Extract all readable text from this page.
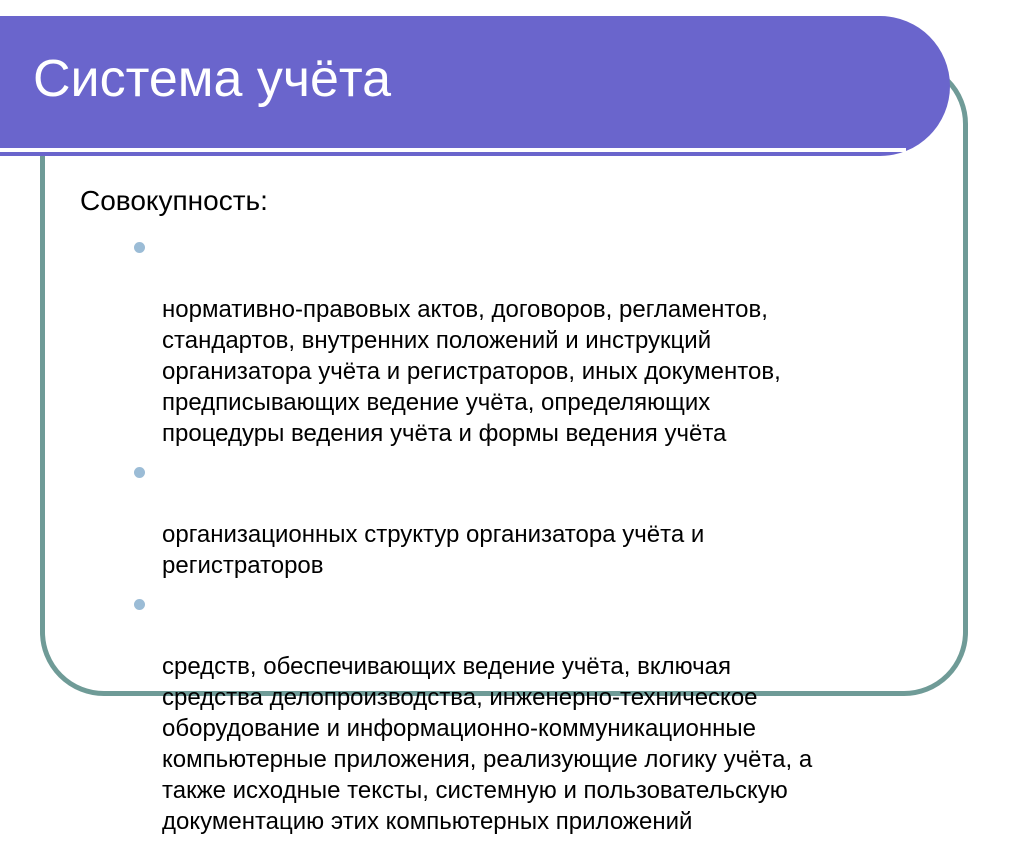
Система учёта

Совокупность:

нормативно-правовых актов, договоров, регламентов,
стандартов, внутренних положений и инструкций
организатора учёта и регистраторов, иных документов,
предписывающих ведение учёта, определяющих
процедуры ведения учёта и формы ведения учёта

организационных структур организатора учёта и
регистраторов

средств, обеспечивающих ведение учёта, включая
средства делопроизводства, инженерно-техническое
оборудование и информационно-коммуникационные
компьютерные приложения, реализующие логику учёта, а
также исходные тексты, системную и пользовательскую
документацию этих компьютерных приложений
